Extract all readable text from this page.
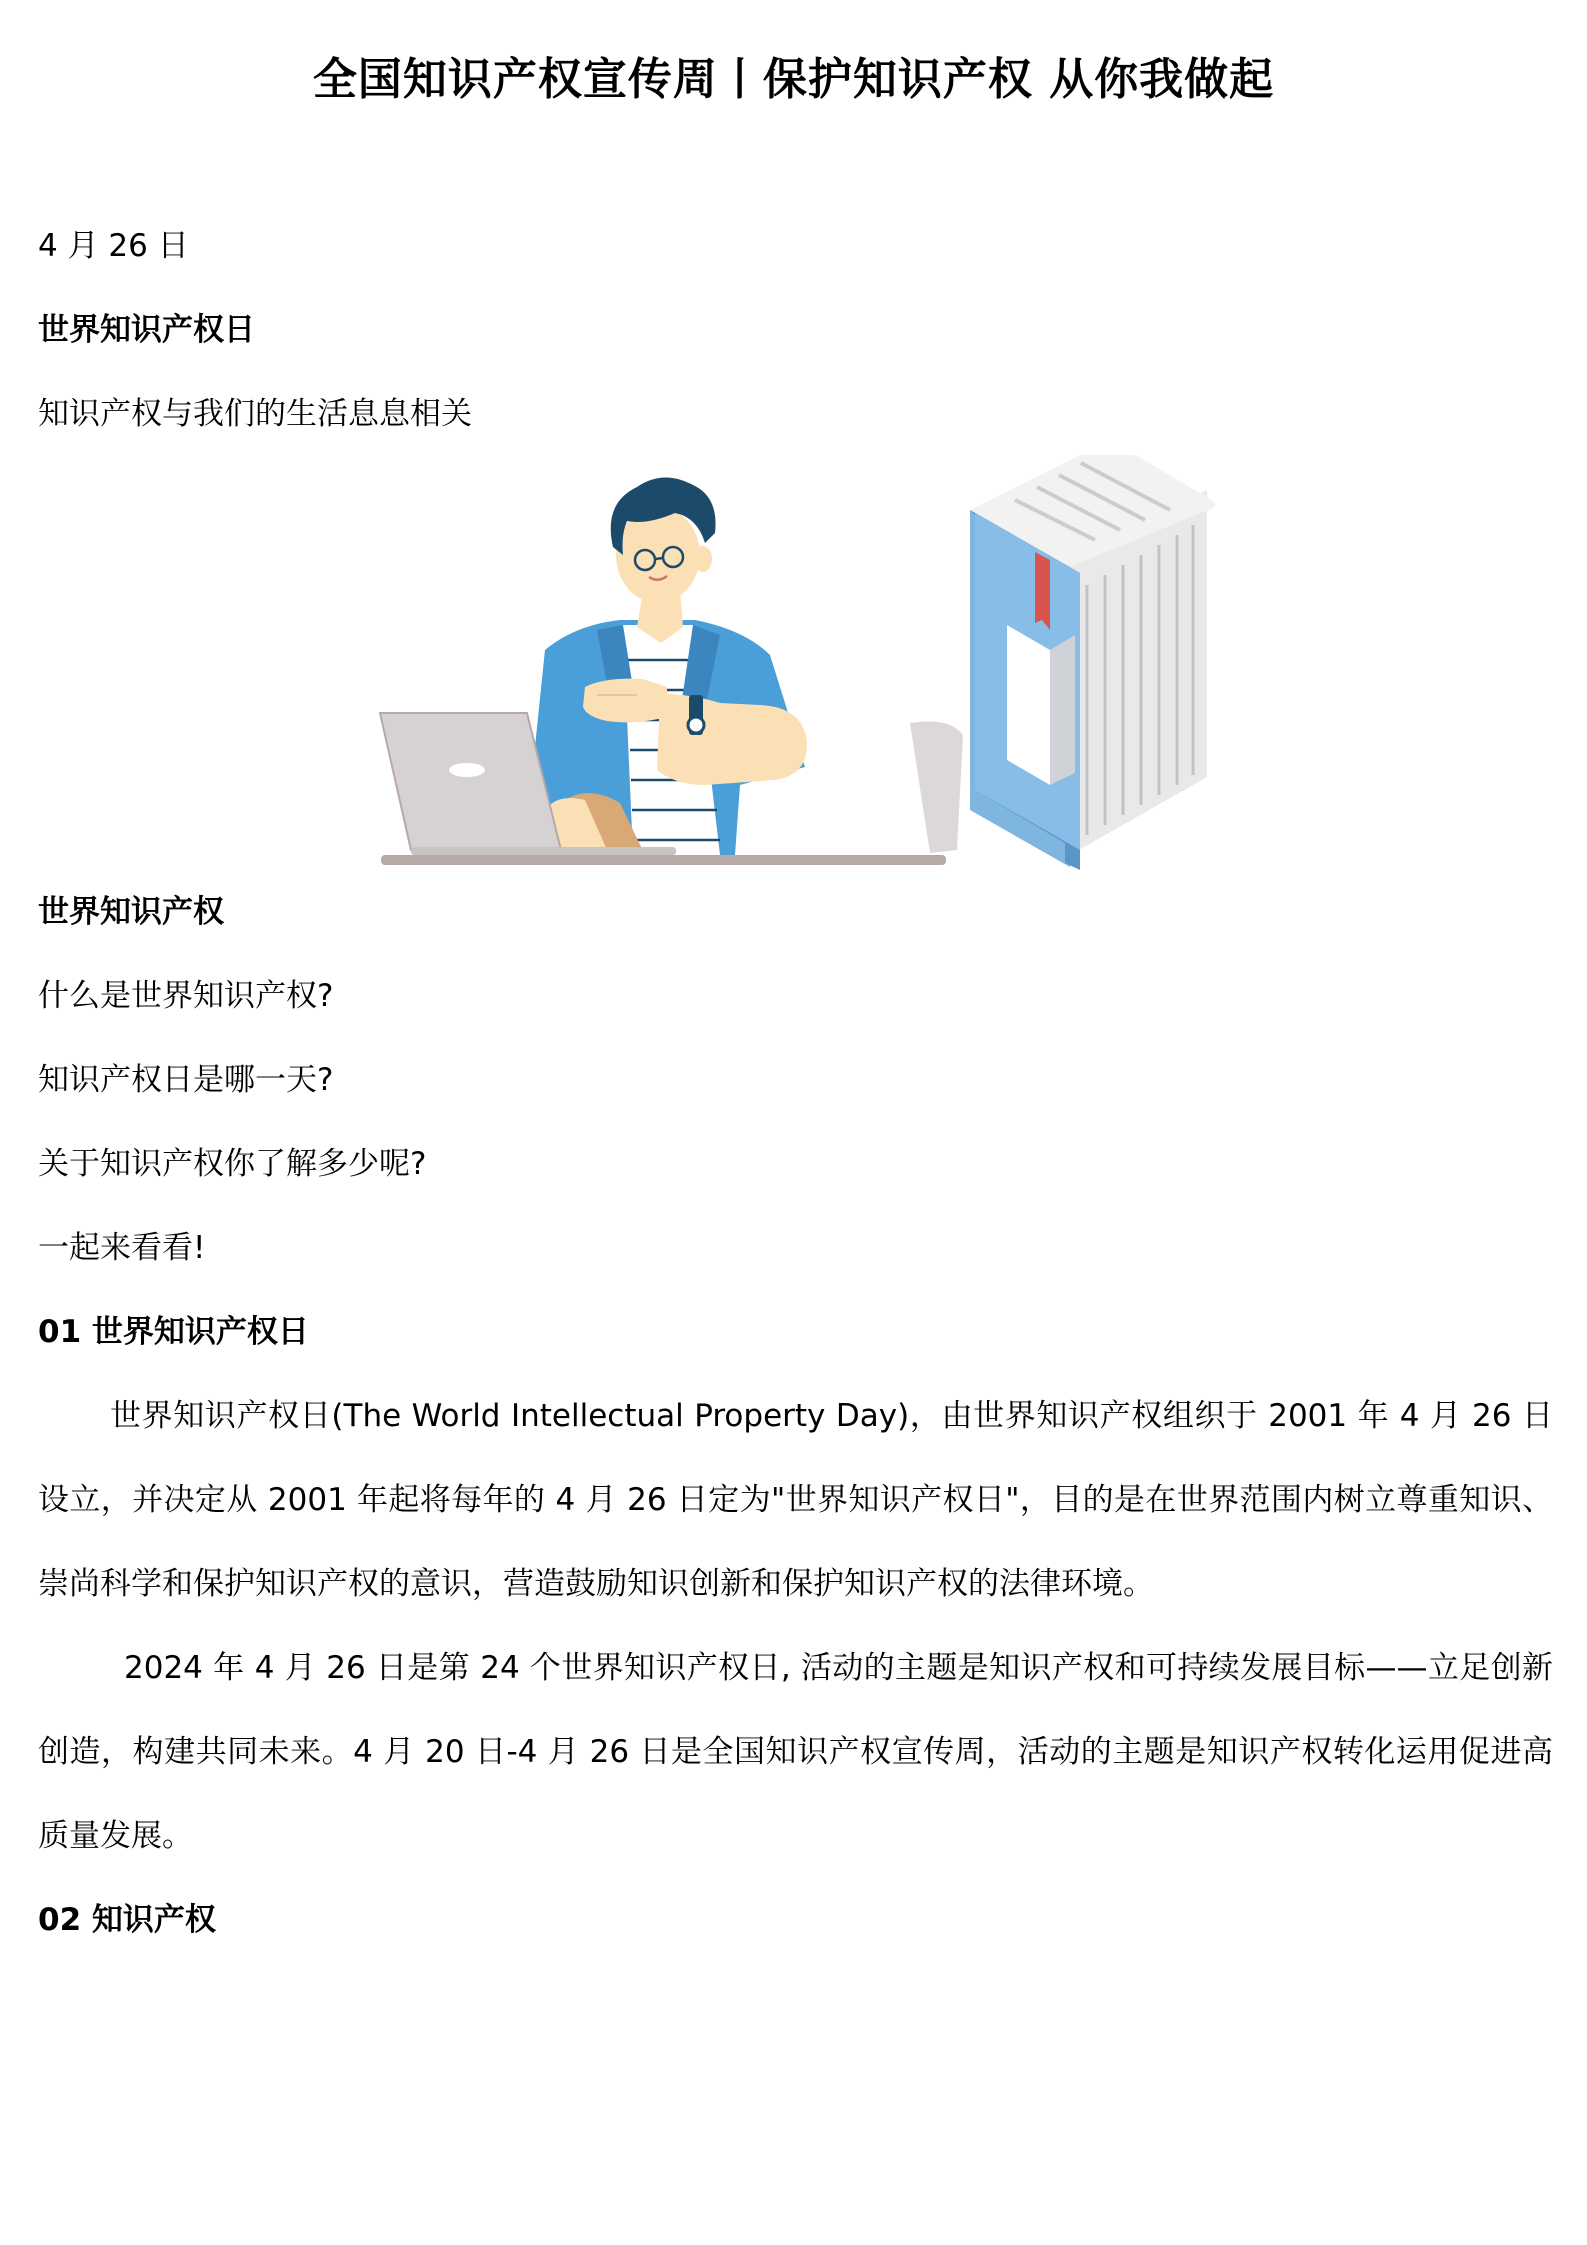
全国知识产权宣传周丨保护知识产权 从你我做起

4 月 26 日

世界知识产权日

知识产权与我们的生活息息相关

世界知识产权

什么是世界知识产权?

知识产权日是哪一天?

关于知识产权你了解多少呢?

一起来看看!

01 世界知识产权日

世界知识产权日(The World Intellectual Property Day)，由世界知识产权组织于 2001 年 4 月 26 日设立，并决定从 2001 年起将每年的 4 月 26 日定为"世界知识产权日"，目的是在世界范围内树立尊重知识、崇尚科学和保护知识产权的意识，营造鼓励知识创新和保护知识产权的法律环境。

2024 年 4 月 26 日是第 24 个世界知识产权日, 活动的主题是知识产权和可持续发展目标——立足创新创造，构建共同未来。4 月 20 日-4 月 26 日是全国知识产权宣传周，活动的主题是知识产权转化运用促进高质量发展。

02 知识产权
